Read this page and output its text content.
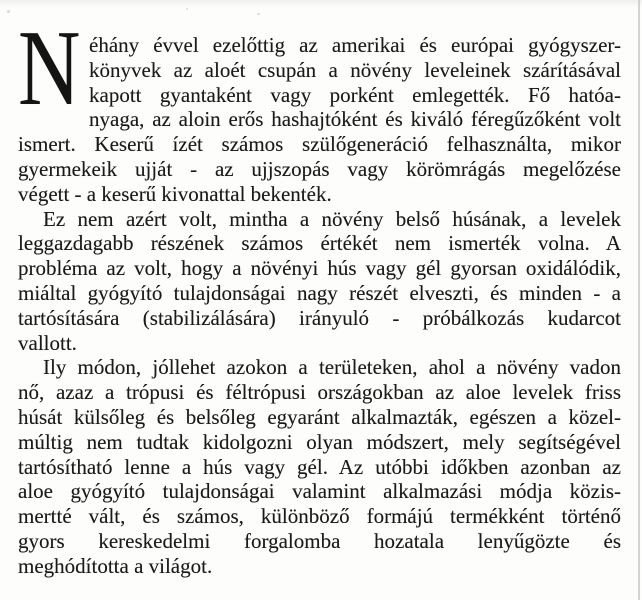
N éhány évvel ezelőttig az amerikai és európai gyógyszer-
könyvek az aloét csupán a növény leveleinek szárításával
kapott gyantaként vagy porként emlegették. Fő hatóa-
nyaga, az aloin erős hashajtóként és kiváló féregűzőként volt
ismert. Keserű ízét számos szülőgeneráció felhasználta, mikor
gyermekeik ujját - az ujjszopás vagy körömrágás megelőzése
végett - a keserű kivonattal bekenték.
Ez nem azért volt, mintha a növény belső húsának, a levelek
leggazdagabb részének számos értékét nem ismerték volna. A
probléma az volt, hogy a növényi hús vagy gél gyorsan oxidálódik,
miáltal gyógyító tulajdonságai nagy részét elveszti, és minden - a
tartósítására (stabilizálására) irányuló - próbálkozás kudarcot
vallott.
Ily módon, jóllehet azokon a területeken, ahol a növény vadon
nő, azaz a trópusi és féltrópusi országokban az aloe levelek friss
húsát külsőleg és belsőleg egyaránt alkalmazták, egészen a közel-
múltig nem tudtak kidolgozni olyan módszert, mely segítségével
tartósítható lenne a hús vagy gél. Az utóbbi időkben azonban az
aloe gyógyító tulajdonságai valamint alkalmazási módja közis-
mertté vált, és számos, különböző formájú termékként történő
gyors kereskedelmi forgalomba hozatala lenyűgözte és
meghódította a világot.
